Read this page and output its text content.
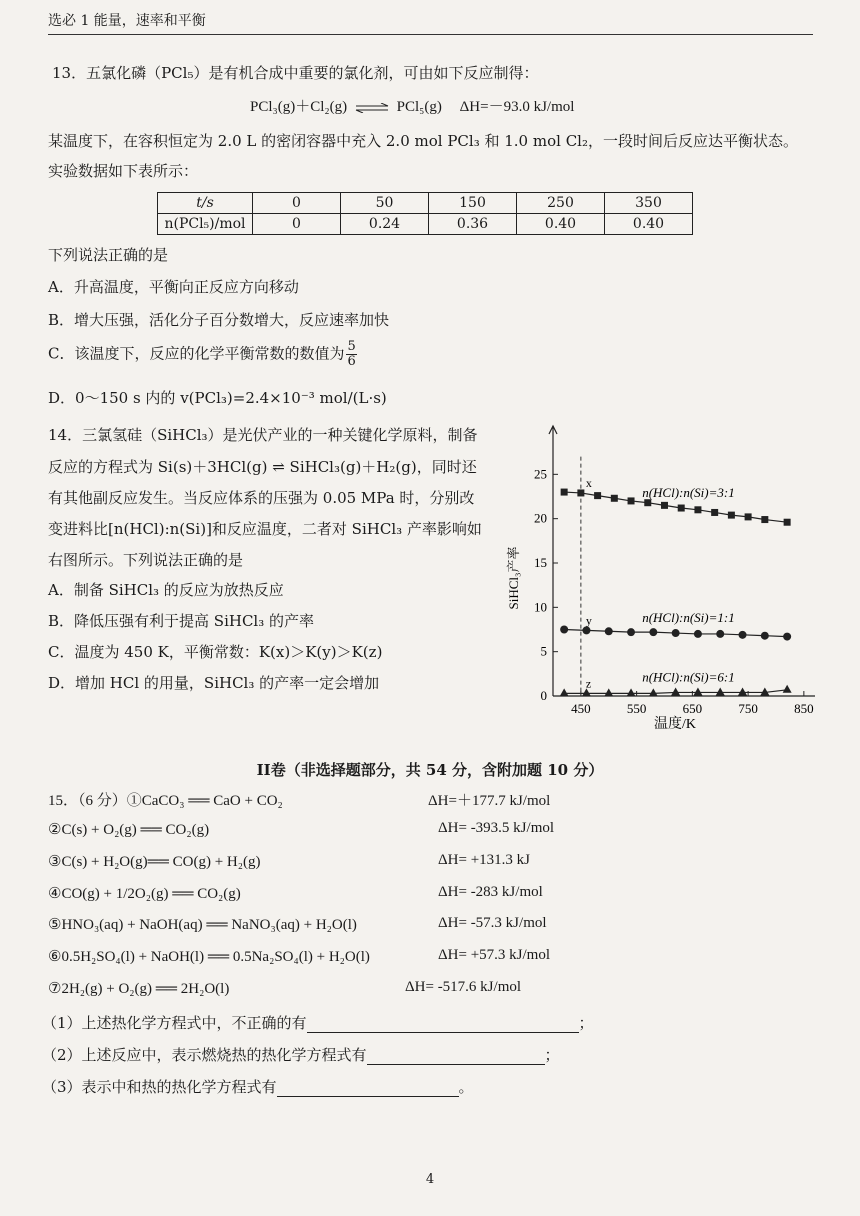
选必 1 能量，速率和平衡
13．五氯化磷（PCl₅）是有机合成中重要的氯化剂，可由如下反应制得：
PCl₃(g)＋Cl₂(g) ⇌ PCl₅(g) ΔH=－93.0 kJ/mol
某温度下，在容积恒定为 2.0 L 的密闭容器中充入 2.0 mol PCl₃ 和 1.0 mol Cl₂，一段时间后反应达平衡状态。
实验数据如下表所示：
t/s	0	50	150	250	350
n(PCl₅)/mol	0	0.24	0.36	0.40	0.40
下列说法正确的是
A．升高温度，平衡向正反应方向移动
B．增大压强，活化分子百分数增大，反应速率加快
C．该温度下，反应的化学平衡常数的数值为 $\frac{5}{6}$
D．0～150 s 内的 v(PCl₃)=2.4×10⁻³ mol/(L·s)
14．三氯氢硅（SiHCl₃）是光伏产业的一种关键化学原料，制备
反应的方程式为 Si(s)＋3HCl(g) ⇌ SiHCl₃(g)＋H₂(g)，同时还
有其他副反应发生。当反应体系的压强为 0.05 MPa 时，分别改
变进料比[n(HCl):n(Si)]和反应温度，二者对 SiHCl₃ 产率影响如
右图所示。下列说法正确的是
A．制备 SiHCl₃ 的反应为放热反应
B．降低压强有利于提高 SiHCl₃ 的产率
C．温度为 450 K，平衡常数：K(x)＞K(y)＞K(z)
D．增加 HCl 的用量，SiHCl₃ 的产率一定会增加
0
5
10
15
20
25
450	550	650	750	850
n(HCl):n(Si)=3:1
n(HCl):n(Si)=1:1
n(HCl):n(Si)=6:1
x
y
z
SiHCl₃产率
温度/K
II卷（非选择题部分，共 54 分，含附加题 10 分）
15．（6 分）①CaCO₃ ══ CaO + CO₂	ΔH=＋177.7 kJ/mol
②C(s) + O₂(g) ══ CO₂(g)	ΔH= -393.5 kJ/mol
③C(s) + H₂O(g)══ CO(g) + H₂(g)	ΔH= +131.3 kJ
④CO(g) + 1/2O₂(g) ══ CO₂(g)	ΔH= -283 kJ/mol
⑤HNO₃(aq) + NaOH(aq) ══ NaNO₃(aq) + H₂O(l)	ΔH= -57.3 kJ/mol
⑥0.5H₂SO₄(l) + NaOH(l) ══ 0.5Na₂SO₄(l) + H₂O(l)	ΔH= +57.3 kJ/mol
⑦2H₂(g) + O₂(g) ══ 2H₂O(l)	ΔH= -517.6 kJ/mol
（1）上述热化学方程式中，不正确的有	；
（2）上述反应中，表示燃烧热的热化学方程式有	；
（3）表示中和热的热化学方程式有	。
4
